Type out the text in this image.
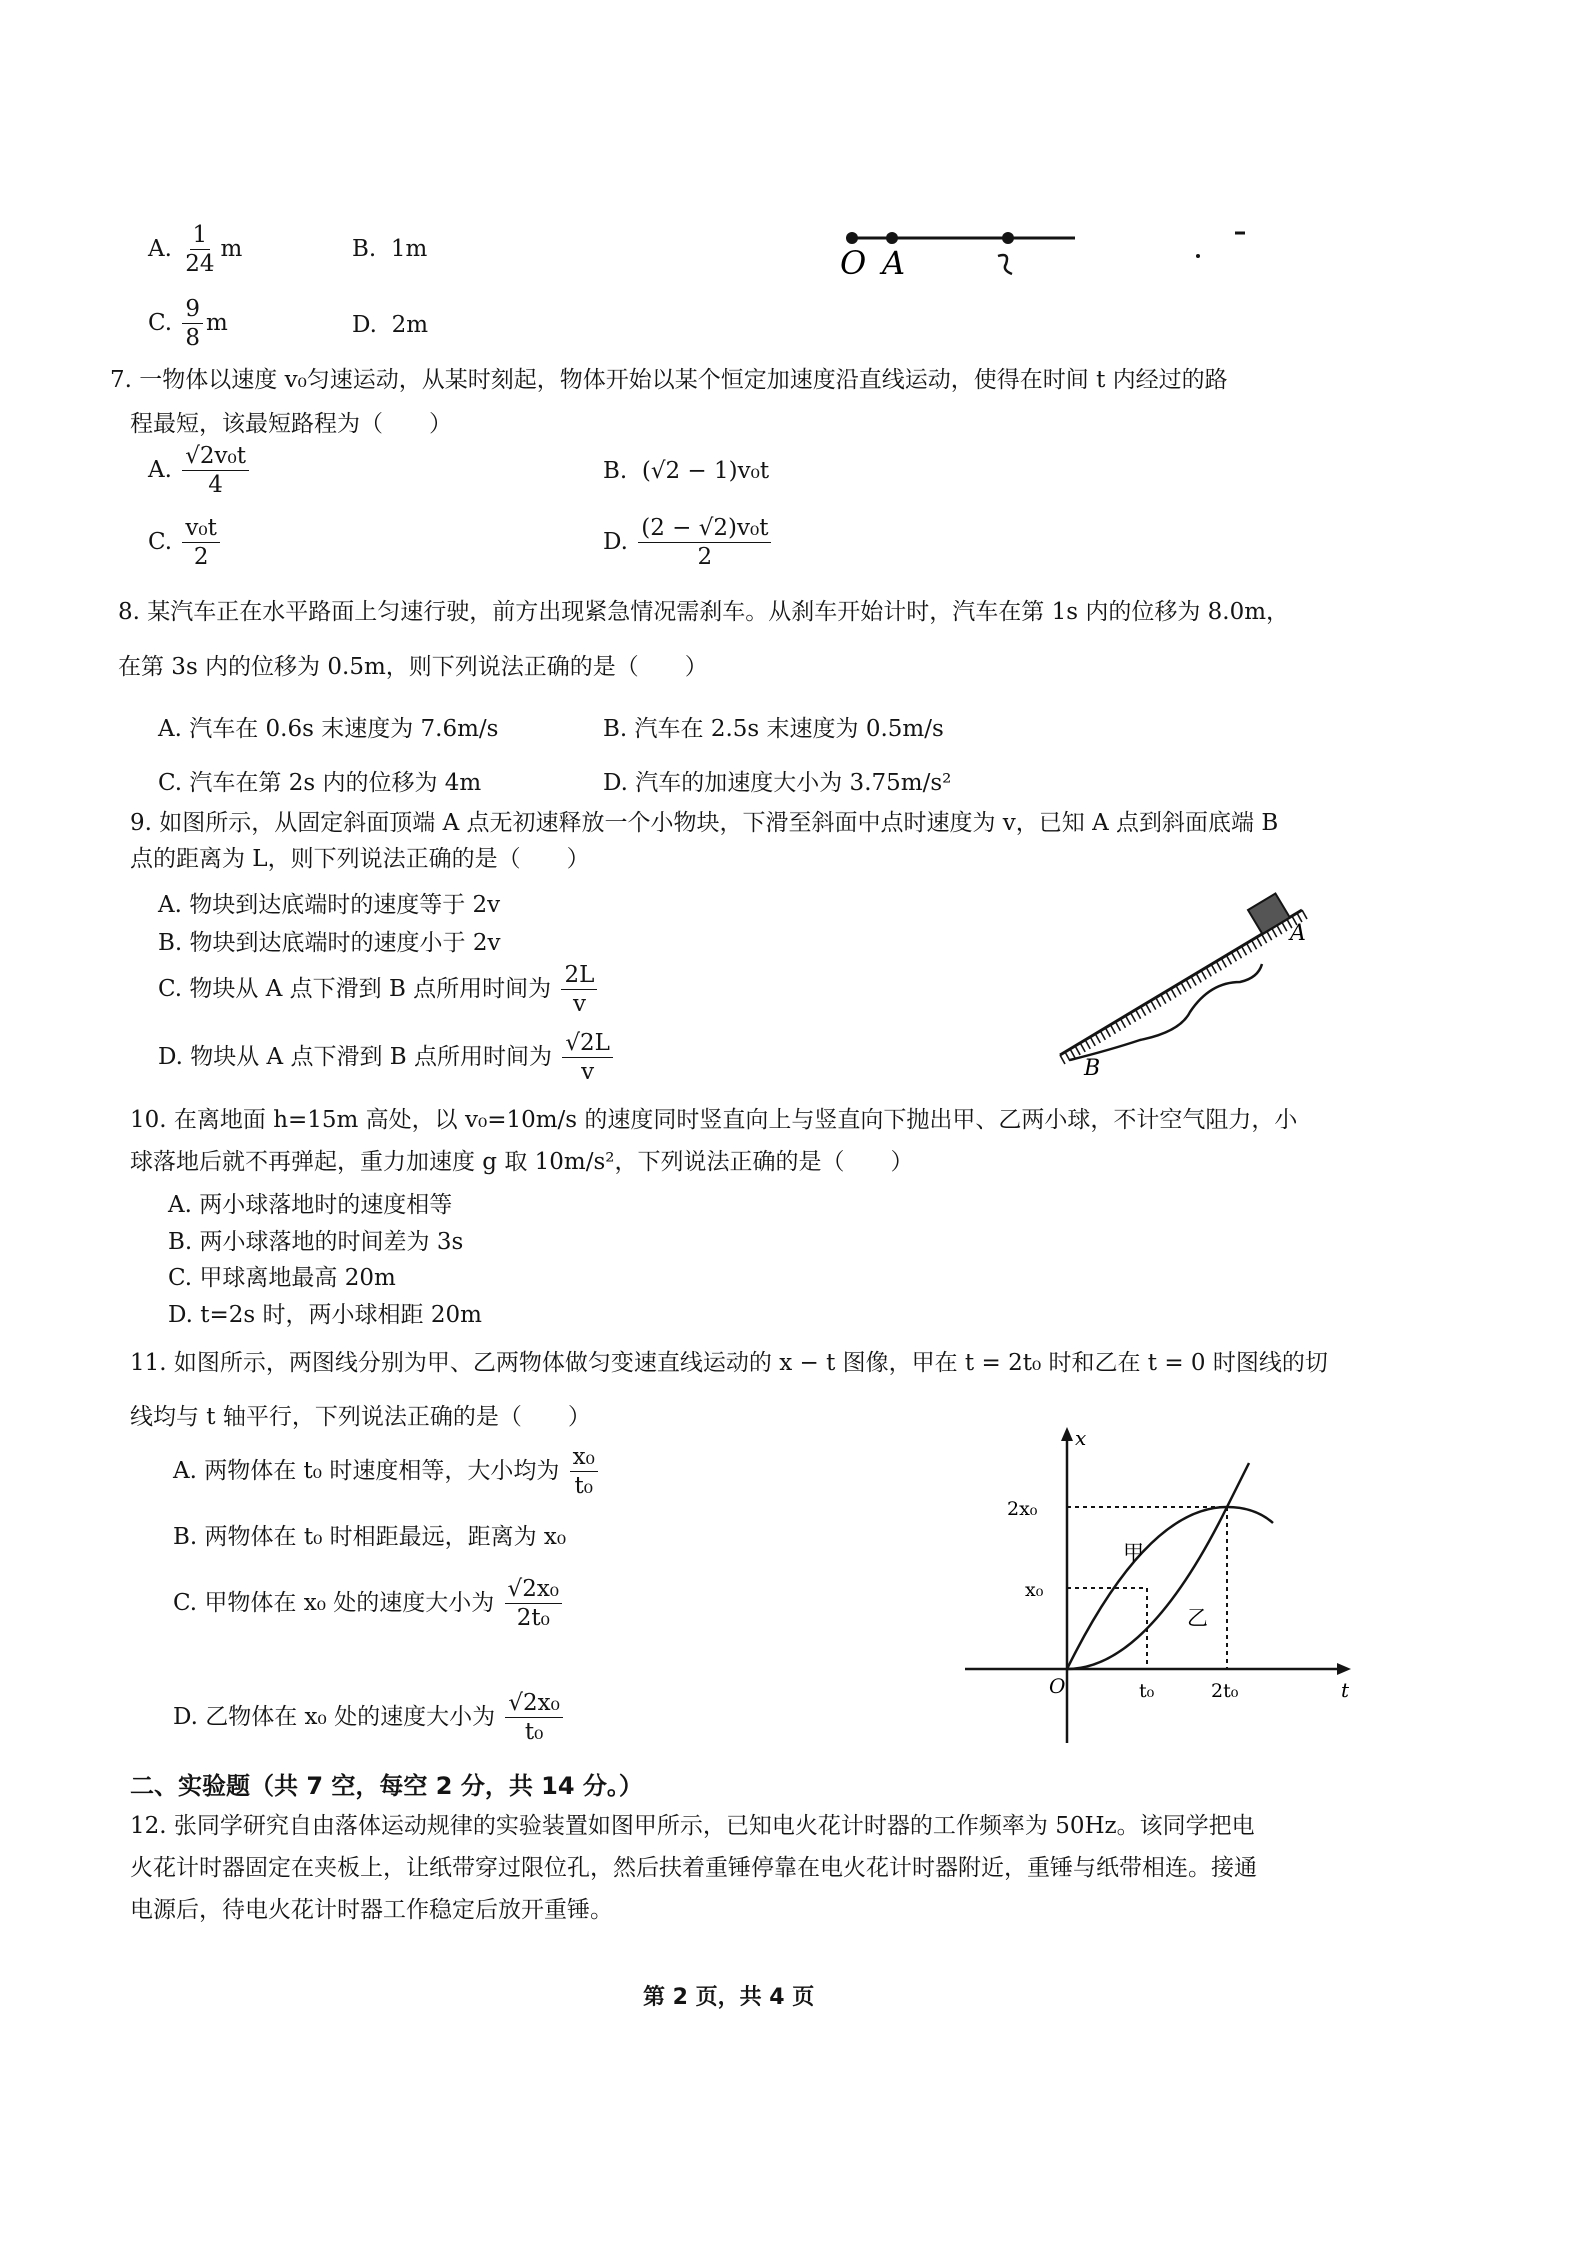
A. $\frac{1}{24}$ m	B. 1m
C. $\frac{9}{8}$ m	D. 2m
O A
7. 一物体以速度 v₀匀速运动，从某时刻起，物体开始以某个恒定加速度沿直线运动，使得在时间 t 内经过的路
程最短，该最短路程为（　　）
A. $\frac{\text{√2v₀t}}{4}$	B. (√2 − 1)v₀t
C. $\frac{\text{v₀t}}{2}$	D. $\frac{\text{(2 − √2)v₀t}}{2}$
8. 某汽车正在水平路面上匀速行驶，前方出现紧急情况需刹车。从刹车开始计时，汽车在第 1s 内的位移为 8.0m，
在第 3s 内的位移为 0.5m，则下列说法正确的是（　　）
A. 汽车在 0.6s 末速度为 7.6m/s	B. 汽车在 2.5s 末速度为 0.5m/s
C. 汽车在第 2s 内的位移为 4m	D. 汽车的加速度大小为 3.75m/s²
9. 如图所示，从固定斜面顶端 A 点无初速释放一个小物块，下滑至斜面中点时速度为 v，已知 A 点到斜面底端 B
点的距离为 L，则下列说法正确的是（　　）
A. 物块到达底端时的速度等于 2v
B. 物块到达底端时的速度小于 2v
C. 物块从 A 点下滑到 B 点所用时间为 $\frac{2L}{v}$
D. 物块从 A 点下滑到 B 点所用时间为 $\frac{√2L}{v}$
A
B
10. 在离地面 h=15m 高处，以 v₀=10m/s 的速度同时竖直向上与竖直向下抛出甲、乙两小球，不计空气阻力，小
球落地后就不再弹起，重力加速度 g 取 10m/s²，下列说法正确的是（　　）
A. 两小球落地时的速度相等
B. 两小球落地的时间差为 3s
C. 甲球离地最高 20m
D. t=2s 时，两小球相距 20m
11. 如图所示，两图线分别为甲、乙两物体做匀变速直线运动的 x − t 图像，甲在 t = 2t₀ 时和乙在 t = 0 时图线的切
线均与 t 轴平行，下列说法正确的是（　　）
A. 两物体在 t₀ 时速度相等，大小均为 $\frac{\text{x₀}}{\text{t₀}}$
B. 两物体在 t₀ 时相距最远，距离为 x₀
C. 甲物体在 x₀ 处的速度大小为 $\frac{\text{√2x₀}}{\text{2t₀}}$
D. 乙物体在 x₀ 处的速度大小为 $\frac{\text{√2x₀}}{\text{t₀}}$
x
t
O
2x₀
x₀
t₀	2t₀
甲
乙
二、实验题（共 7 空，每空 2 分，共 14 分。）
12. 张同学研究自由落体运动规律的实验装置如图甲所示，已知电火花计时器的工作频率为 50Hz。该同学把电
火花计时器固定在夹板上，让纸带穿过限位孔，然后扶着重锤停靠在电火花计时器附近，重锤与纸带相连。接通
电源后，待电火花计时器工作稳定后放开重锤。
第 2 页，共 4 页
